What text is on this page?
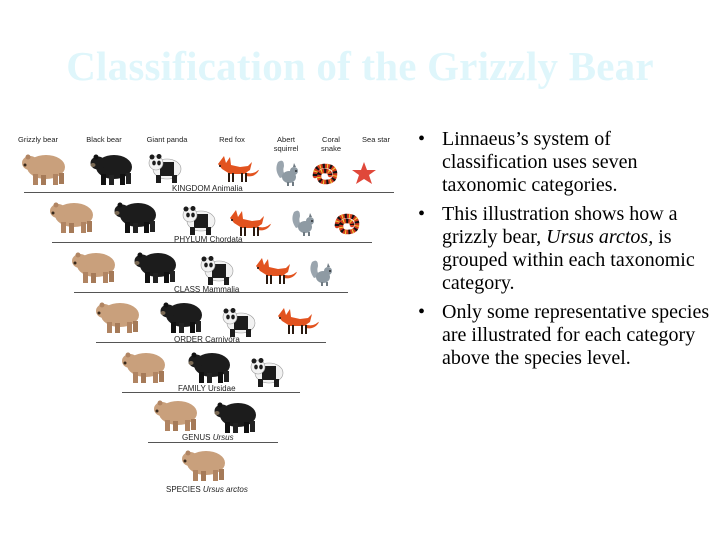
Classification of the Grizzly Bear
Grizzly bear	Black bear	Giant panda	Red fox	Abert squirrel
Coral snake
Sea star
KINGDOM Animalia
PHYLUM Chordata
CLASS Mammalia
ORDER Carnivora
FAMILY Ursidae
GENUS Ursus
SPECIES Ursus arctos
• Linnaeus’s system of classification uses seven taxonomic categories.
• This illustration shows how a grizzly bear, Ursus arctos, is grouped within each taxonomic category.
• Only some representative species are illustrated for each category above the species level.
